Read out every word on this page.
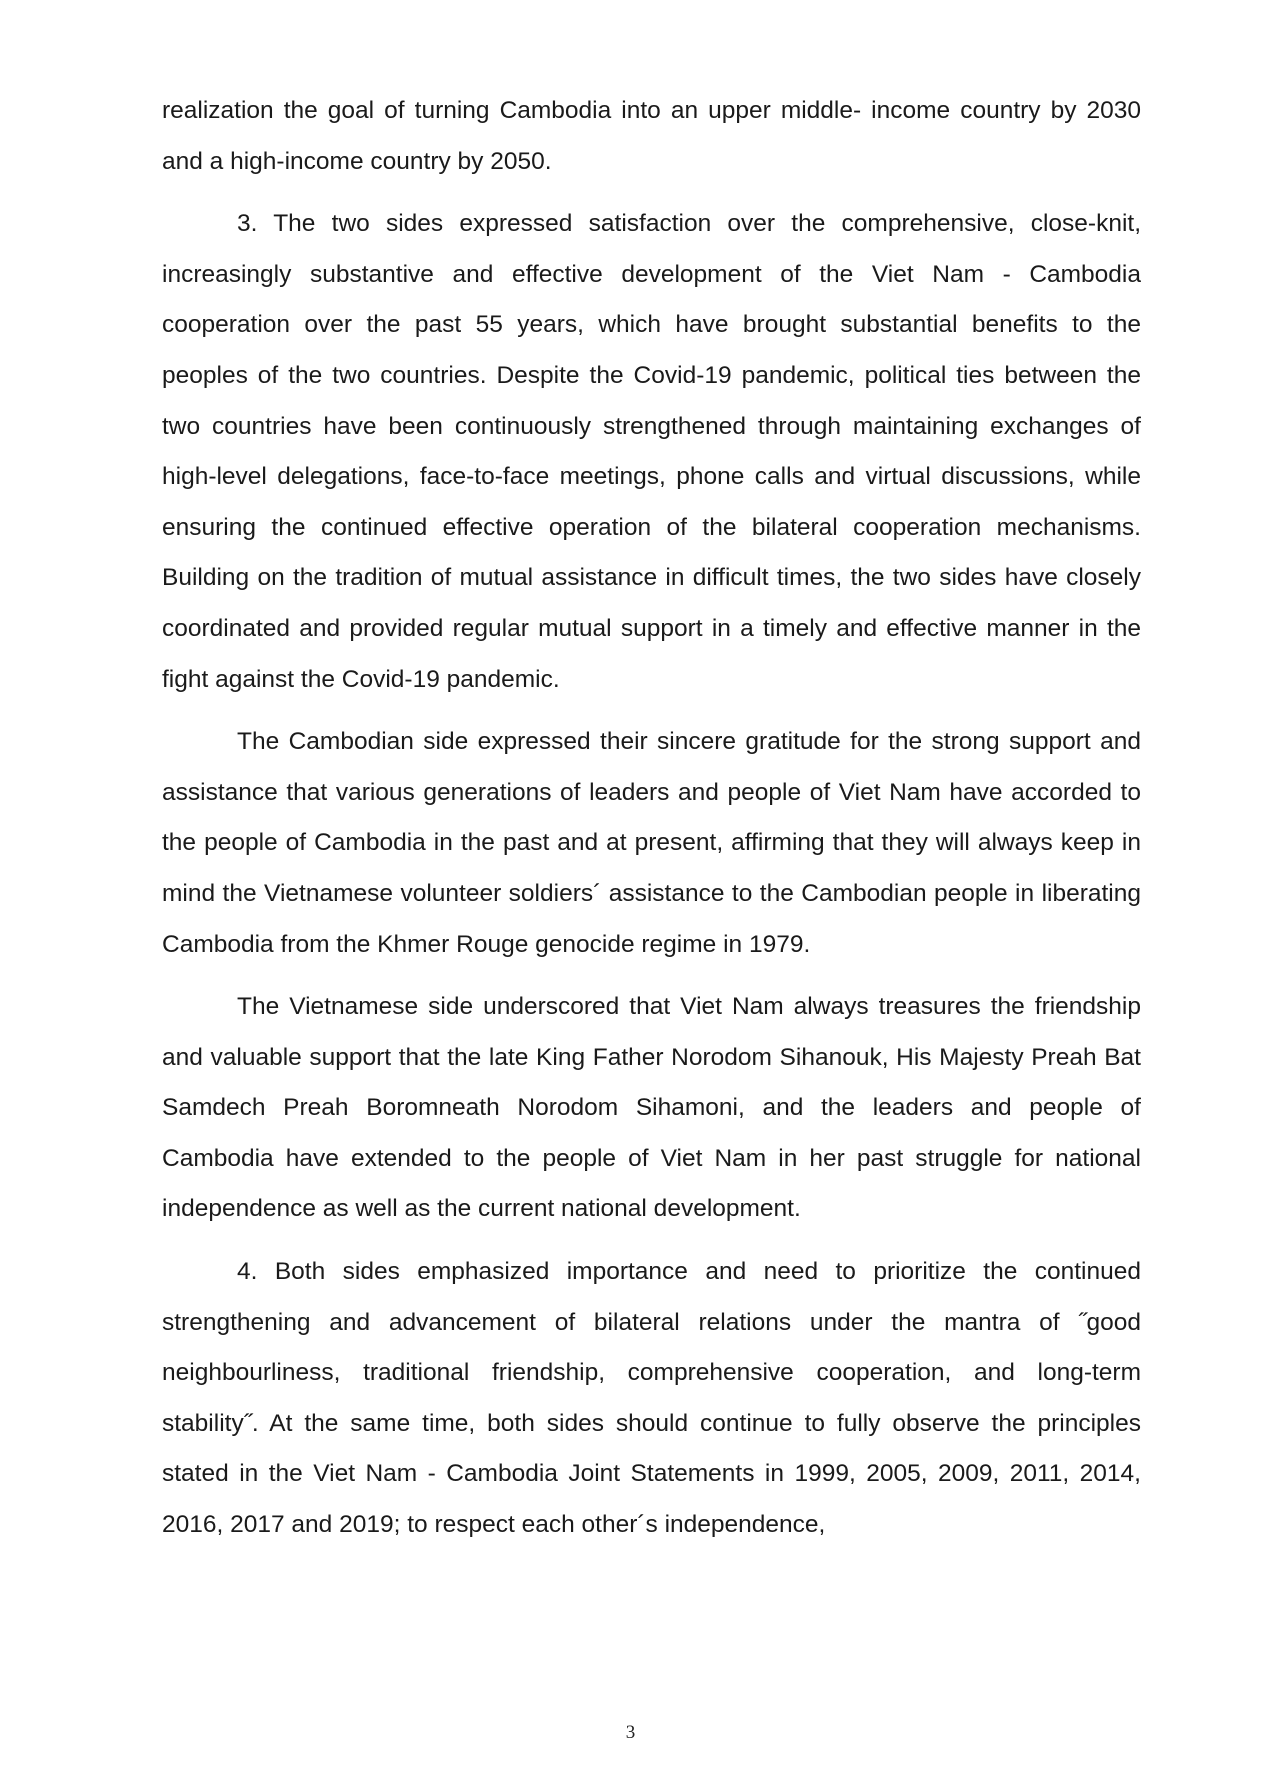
realization the goal of turning Cambodia into an upper middle- income country by 2030 and a high-income country by 2050.

3. The two sides expressed satisfaction over the comprehensive, close-knit, increasingly substantive and effective development of the Viet Nam - Cambodia cooperation over the past 55 years, which have brought substantial benefits to the peoples of the two countries. Despite the Covid-19 pandemic, political ties between the two countries have been continuously strengthened through maintaining exchanges of high-level delegations, face-to-face meetings, phone calls and virtual discussions, while ensuring the continued effective operation of the bilateral cooperation mechanisms. Building on the tradition of mutual assistance in difficult times, the two sides have closely coordinated and provided regular mutual support in a timely and effective manner in the fight against the Covid-19 pandemic.

The Cambodian side expressed their sincere gratitude for the strong support and assistance that various generations of leaders and people of Viet Nam have accorded to the people of Cambodia in the past and at present, affirming that they will always keep in mind the Vietnamese volunteer soldiers´ assistance to the Cambodian people in liberating Cambodia from the Khmer Rouge genocide regime in 1979.

The Vietnamese side underscored that Viet Nam always treasures the friendship and valuable support that the late King Father Norodom Sihanouk, His Majesty Preah Bat Samdech Preah Boromneath Norodom Sihamoni, and the leaders and people of Cambodia have extended to the people of Viet Nam in her past struggle for national independence as well as the current national development.

4. Both sides emphasized importance and need to prioritize the continued strengthening and advancement of bilateral relations under the mantra of ˝good neighbourliness, traditional friendship, comprehensive cooperation, and long-term stability˝. At the same time, both sides should continue to fully observe the principles stated in the Viet Nam - Cambodia Joint Statements in 1999, 2005, 2009, 2011, 2014, 2016, 2017 and 2019; to respect each other´s independence,

3
